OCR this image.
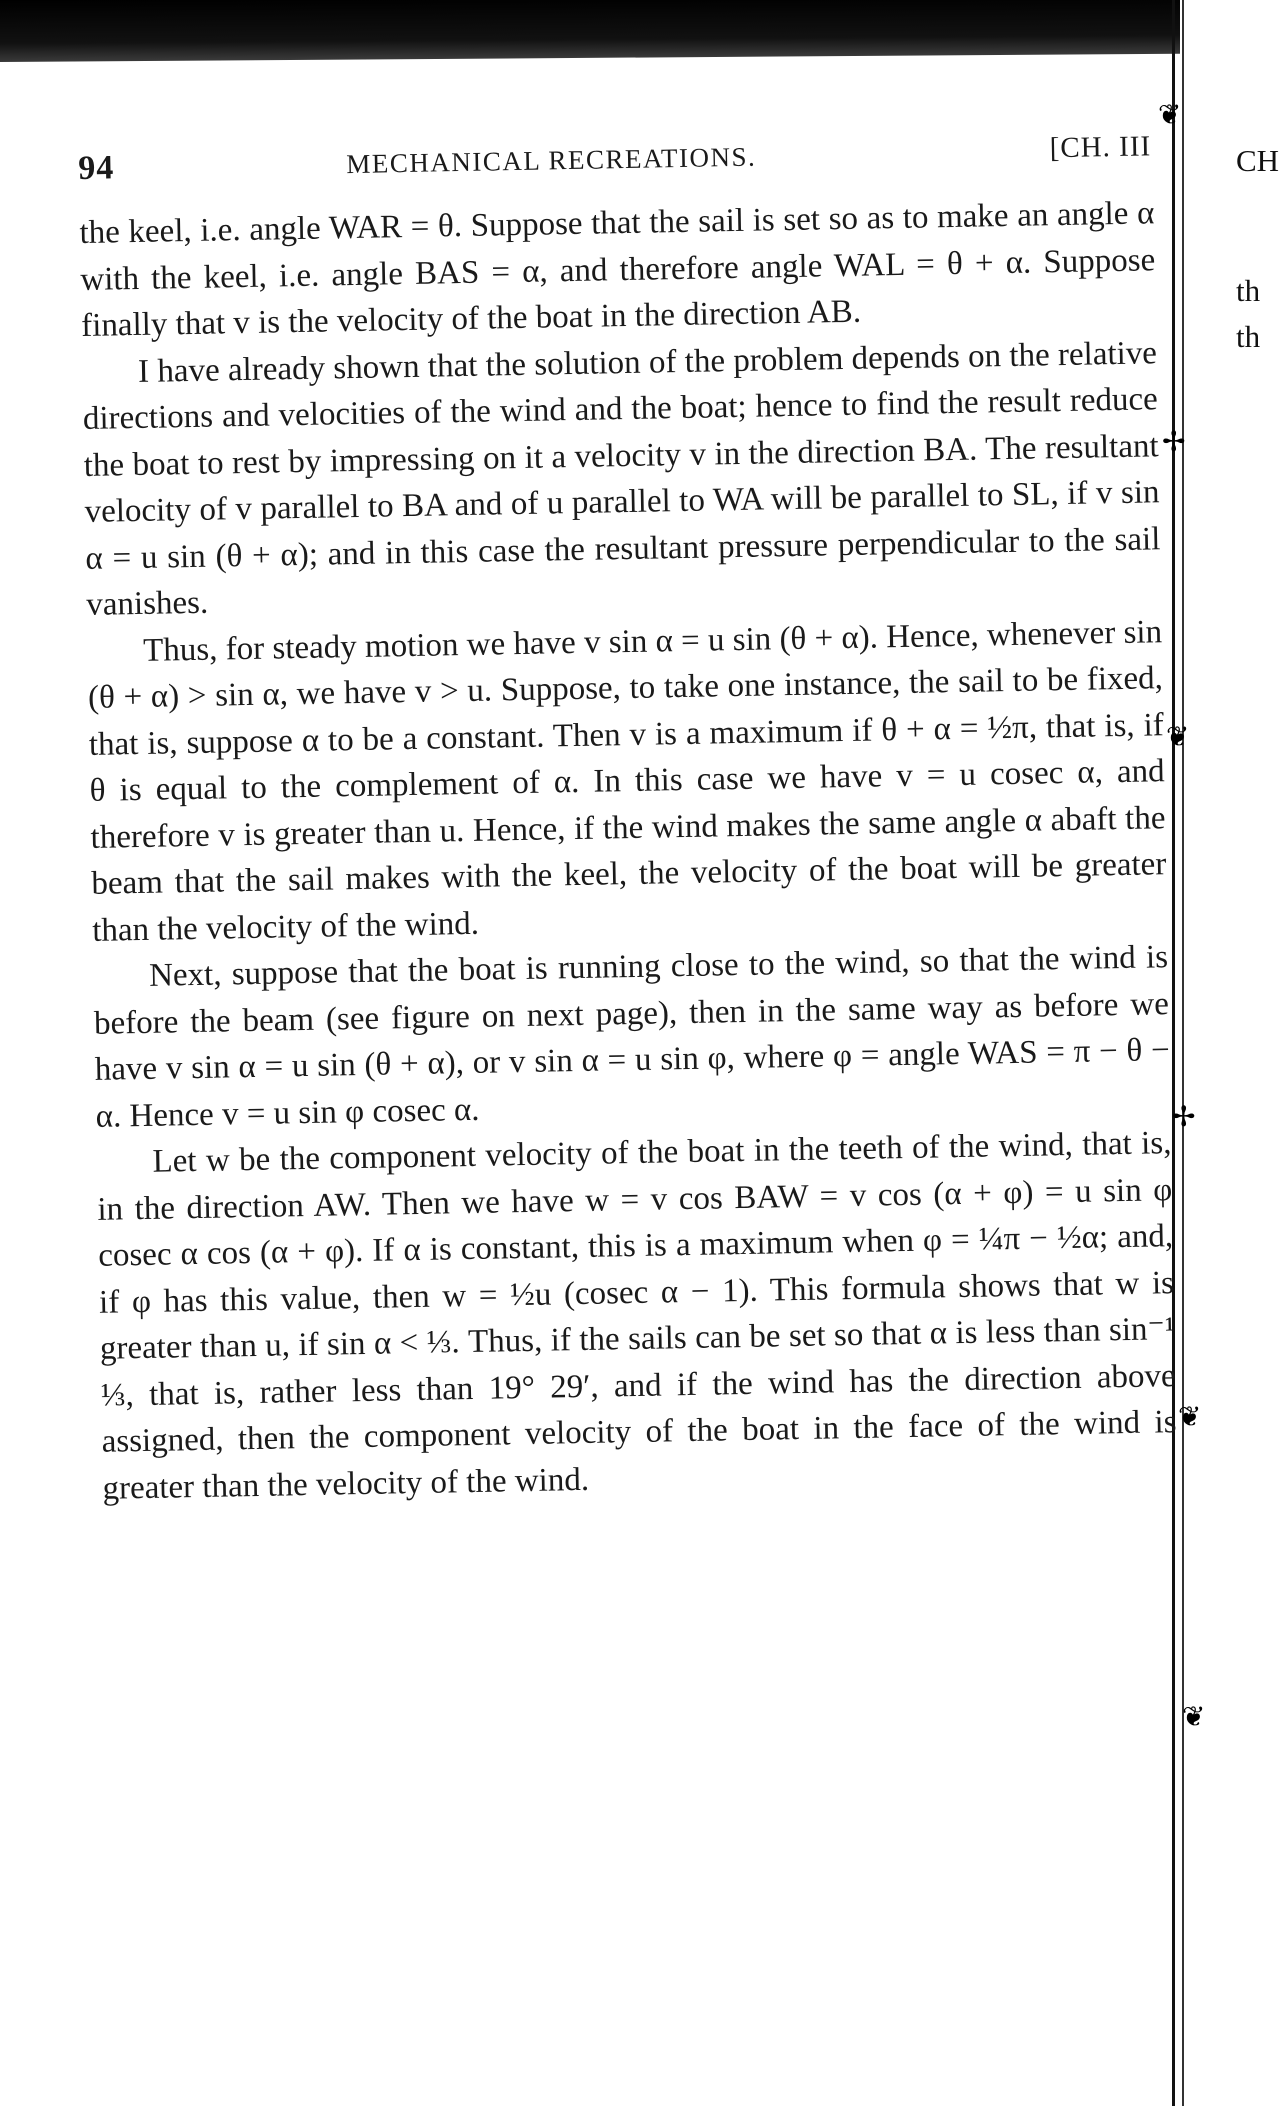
❦
✢
❦
✢
❦
❦
CH
th
th
94	MECHANICAL RECREATIONS.	[CH. III

the keel, i.e. angle WAR = θ. Suppose that the sail is set so as to make an angle α with the keel, i.e. angle BAS = α, and therefore angle WAL = θ + α. Suppose finally that v is the velocity of the boat in the direction AB.

I have already shown that the solution of the problem depends on the relative directions and velocities of the wind and the boat; hence to find the result reduce the boat to rest by impressing on it a velocity v in the direction BA. The resultant velocity of v parallel to BA and of u parallel to WA will be parallel to SL, if v sin α = u sin (θ + α); and in this case the resultant pressure perpendicular to the sail vanishes.

Thus, for steady motion we have v sin α = u sin (θ + α). Hence, whenever sin (θ + α) > sin α, we have v > u. Suppose, to take one instance, the sail to be fixed, that is, suppose α to be a constant. Then v is a maximum if θ + α = ½π, that is, if θ is equal to the complement of α. In this case we have v = u cosec α, and therefore v is greater than u. Hence, if the wind makes the same angle α abaft the beam that the sail makes with the keel, the velocity of the boat will be greater than the velocity of the wind.

Next, suppose that the boat is running close to the wind, so that the wind is before the beam (see figure on next page), then in the same way as before we have v sin α = u sin (θ + α), or v sin α = u sin φ, where φ = angle WAS = π − θ − α. Hence v = u sin φ cosec α.

Let w be the component velocity of the boat in the teeth of the wind, that is, in the direction AW. Then we have w = v cos BAW = v cos (α + φ) = u sin φ cosec α cos (α + φ). If α is constant, this is a maximum when φ = ¼π − ½α; and, if φ has this value, then w = ½u (cosec α − 1). This formula shows that w is greater than u, if sin α < ⅓. Thus, if the sails can be set so that α is less than sin⁻¹ ⅓, that is, rather less than 19° 29′, and if the wind has the direction above assigned, then the component velocity of the boat in the face of the wind is greater than the velocity of the wind.
